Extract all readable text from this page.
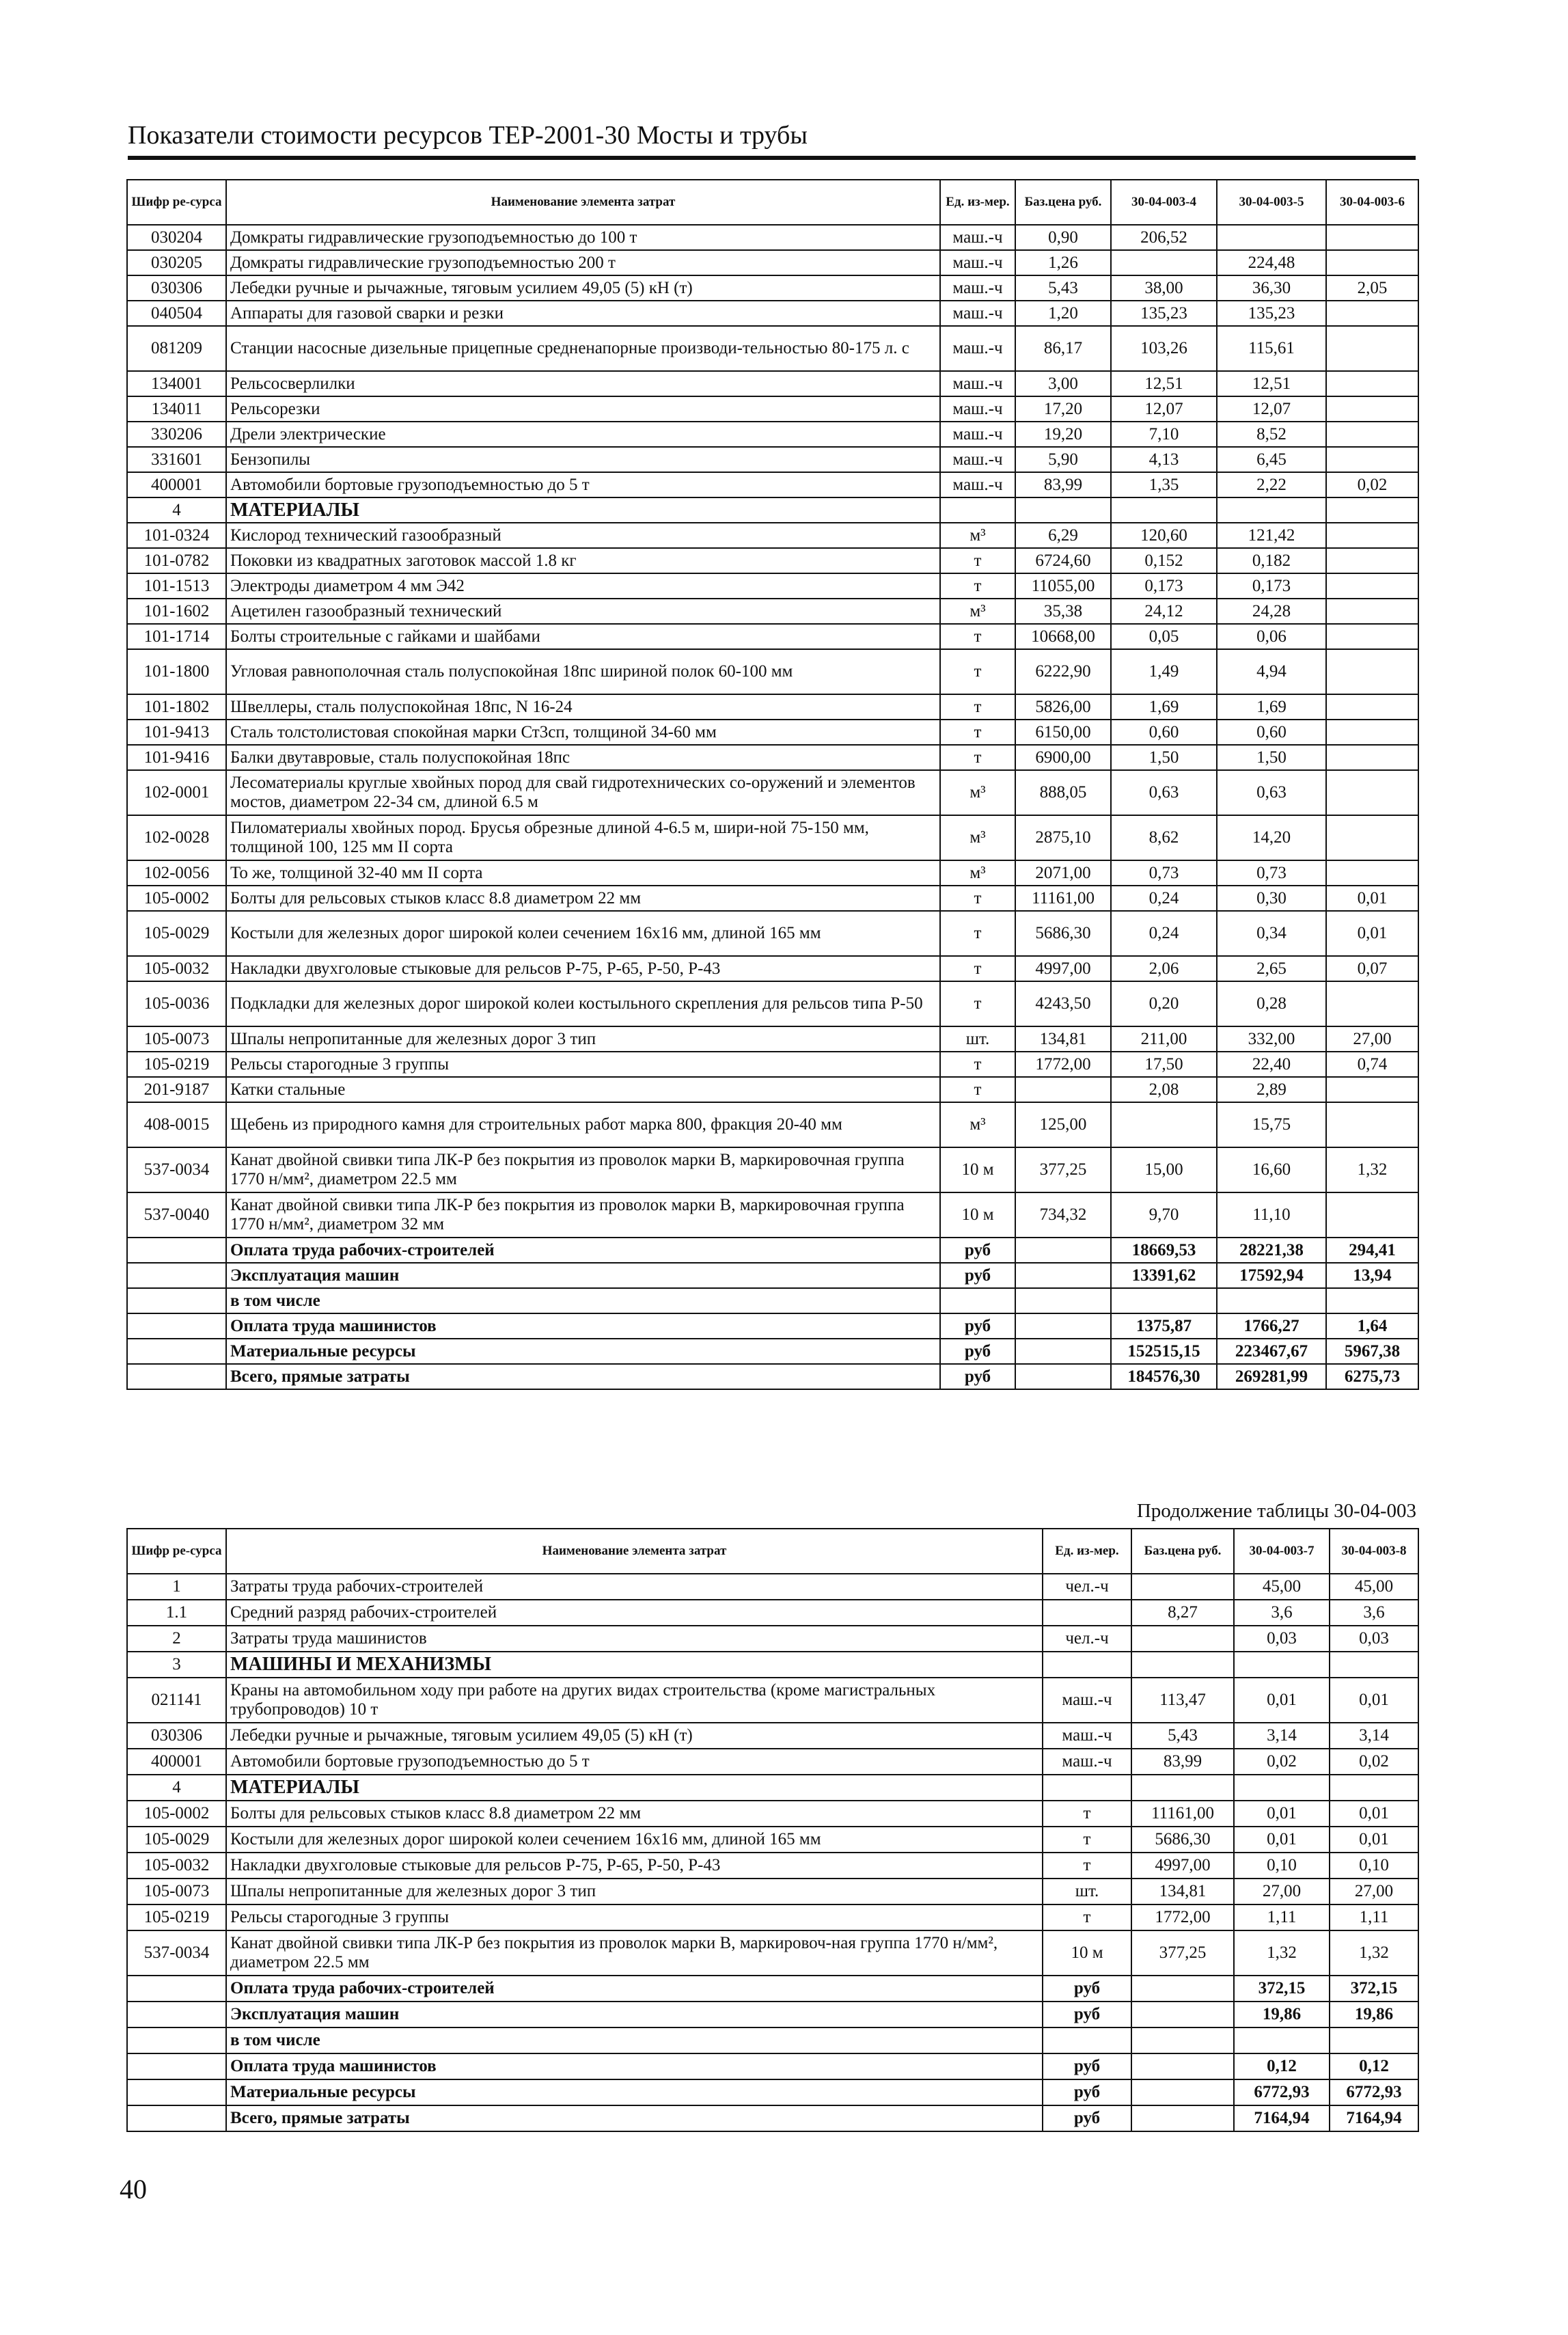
Показатели стоимости ресурсов ТЕР-2001-30 Мосты и трубы
Шифр ре-сурса	Наименование элемента затрат	Ед. из-мер.	Баз.цена руб.	30-04-003-4	30-04-003-5	30-04-003-6
030204	Домкраты гидравлические грузоподъемностью до 100 т	маш.-ч	0,90	206,52		
030205	Домкраты гидравлические грузоподъемностью 200 т	маш.-ч	1,26		224,48	
030306	Лебедки ручные и рычажные, тяговым усилием 49,05 (5) кН (т)	маш.-ч	5,43	38,00	36,30	2,05
040504	Аппараты для газовой сварки и резки	маш.-ч	1,20	135,23	135,23	
081209	Станции насосные дизельные прицепные средненапорные производи-тельностью 80-175 л. с	маш.-ч	86,17	103,26	115,61	
134001	Рельсосверлилки	маш.-ч	3,00	12,51	12,51	
134011	Рельсорезки	маш.-ч	17,20	12,07	12,07	
330206	Дрели электрические	маш.-ч	19,20	7,10	8,52	
331601	Бензопилы	маш.-ч	5,90	4,13	6,45	
400001	Автомобили бортовые грузоподъемностью до 5 т	маш.-ч	83,99	1,35	2,22	0,02
4	МАТЕРИАЛЫ					
101-0324	Кислород технический газообразный	м³	6,29	120,60	121,42	
101-0782	Поковки из квадратных заготовок массой 1.8 кг	т	6724,60	0,152	0,182	
101-1513	Электроды диаметром 4 мм Э42	т	11055,00	0,173	0,173	
101-1602	Ацетилен газообразный технический	м³	35,38	24,12	24,28	
101-1714	Болты строительные с гайками и шайбами	т	10668,00	0,05	0,06	
101-1800	Угловая равнополочная сталь полуспокойная 18пс шириной полок 60-100 мм	т	6222,90	1,49	4,94	
101-1802	Швеллеры, сталь полуспокойная 18пс, N 16-24	т	5826,00	1,69	1,69	
101-9413	Сталь толстолистовая спокойная марки Ст3сп, толщиной 34-60 мм	т	6150,00	0,60	0,60	
101-9416	Балки двутавровые, сталь полуспокойная 18пс	т	6900,00	1,50	1,50	
102-0001	Лесоматериалы круглые хвойных пород для свай гидротехнических со-оружений и элементов мостов, диаметром 22-34 см, длиной 6.5 м	м³	888,05	0,63	0,63	
102-0028	Пиломатериалы хвойных пород. Брусья обрезные длиной 4-6.5 м, шири-ной 75-150 мм, толщиной 100, 125 мм II сорта	м³	2875,10	8,62	14,20	
102-0056	То же, толщиной 32-40 мм II сорта	м³	2071,00	0,73	0,73	
105-0002	Болты для рельсовых стыков класс 8.8 диаметром 22 мм	т	11161,00	0,24	0,30	0,01
105-0029	Костыли для железных дорог широкой колеи сечением 16x16 мм, длиной 165 мм	т	5686,30	0,24	0,34	0,01
105-0032	Накладки двухголовые стыковые для рельсов Р-75, Р-65, Р-50, Р-43	т	4997,00	2,06	2,65	0,07
105-0036	Подкладки для железных дорог широкой колеи костыльного скрепления для рельсов типа Р-50	т	4243,50	0,20	0,28	
105-0073	Шпалы непропитанные для железных дорог 3 тип	шт.	134,81	211,00	332,00	27,00
105-0219	Рельсы старогодные 3 группы	т	1772,00	17,50	22,40	0,74
201-9187	Катки стальные	т		2,08	2,89	
408-0015	Щебень из природного камня для строительных работ марка 800, фракция 20-40 мм	м³	125,00		15,75	
537-0034	Канат двойной свивки типа ЛК-Р без покрытия из проволок марки В, маркировочная группа 1770 н/мм², диаметром 22.5 мм	10 м	377,25	15,00	16,60	1,32
537-0040	Канат двойной свивки типа ЛК-Р без покрытия из проволок марки В, маркировочная группа 1770 н/мм², диаметром 32 мм	10 м	734,32	9,70	11,10	
	Оплата труда рабочих-строителей	руб		18669,53	28221,38	294,41
	Эксплуатация машин	руб		13391,62	17592,94	13,94
	в том числе					
	Оплата труда машинистов	руб		1375,87	1766,27	1,64
	Материальные ресурсы	руб		152515,15	223467,67	5967,38
	Всего, прямые затраты	руб		184576,30	269281,99	6275,73
Продолжение таблицы 30-04-003
Шифр ре-сурса	Наименование элемента затрат	Ед. из-мер.	Баз.цена руб.	30-04-003-7	30-04-003-8
1	Затраты труда рабочих-строителей	чел.-ч		45,00	45,00
1.1	Средний разряд рабочих-строителей		8,27	3,6	3,6
2	Затраты труда машинистов	чел.-ч		0,03	0,03
3	МАШИНЫ И МЕХАНИЗМЫ				
021141	Краны на автомобильном ходу при работе на других видах строительства (кроме магистральных трубопроводов) 10 т	маш.-ч	113,47	0,01	0,01
030306	Лебедки ручные и рычажные, тяговым усилием 49,05 (5) кН (т)	маш.-ч	5,43	3,14	3,14
400001	Автомобили бортовые грузоподъемностью до 5 т	маш.-ч	83,99	0,02	0,02
4	МАТЕРИАЛЫ				
105-0002	Болты для рельсовых стыков класс 8.8 диаметром 22 мм	т	11161,00	0,01	0,01
105-0029	Костыли для железных дорог широкой колеи сечением 16x16 мм, длиной 165 мм	т	5686,30	0,01	0,01
105-0032	Накладки двухголовые стыковые для рельсов Р-75, Р-65, Р-50, Р-43	т	4997,00	0,10	0,10
105-0073	Шпалы непропитанные для железных дорог 3 тип	шт.	134,81	27,00	27,00
105-0219	Рельсы старогодные 3 группы	т	1772,00	1,11	1,11
537-0034	Канат двойной свивки типа ЛК-Р без покрытия из проволок марки В, маркировоч-ная группа 1770 н/мм², диаметром 22.5 мм	10 м	377,25	1,32	1,32
	Оплата труда рабочих-строителей	руб		372,15	372,15
	Эксплуатация машин	руб		19,86	19,86
	в том числе				
	Оплата труда машинистов	руб		0,12	0,12
	Материальные ресурсы	руб		6772,93	6772,93
	Всего, прямые затраты	руб		7164,94	7164,94
40
